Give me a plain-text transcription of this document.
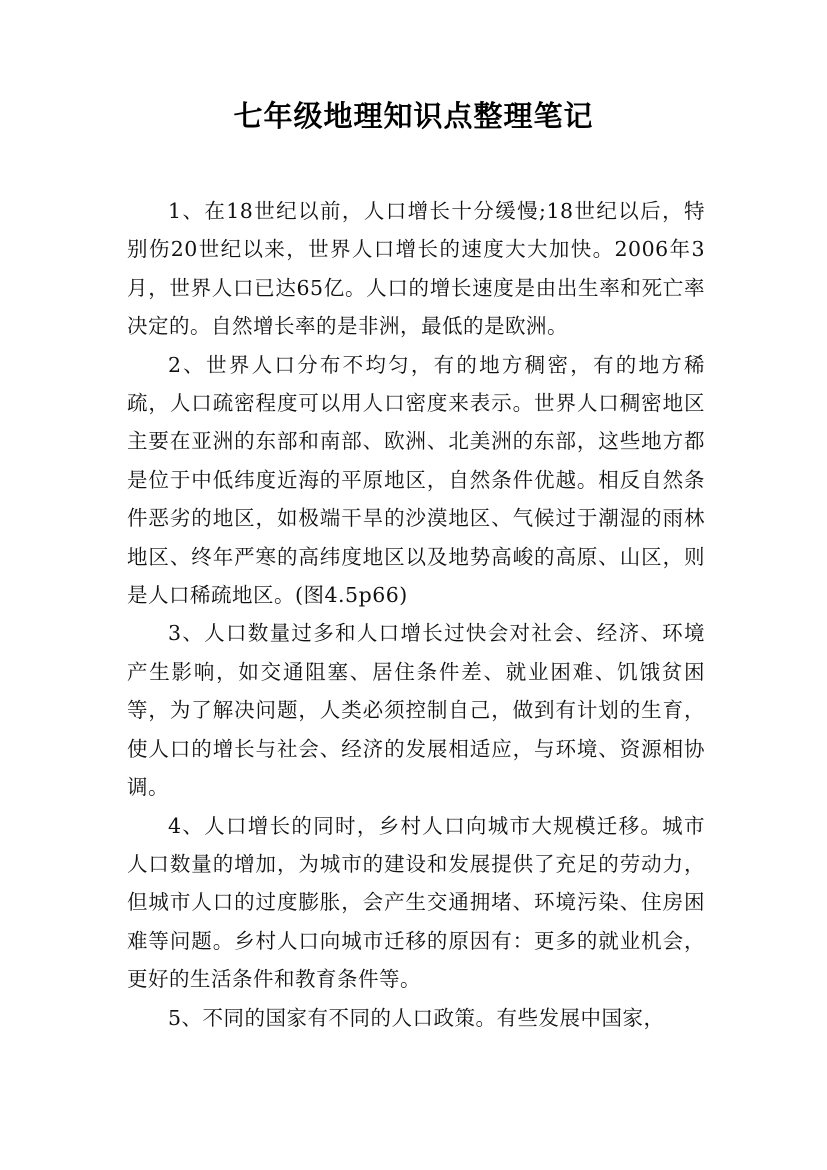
七年级地理知识点整理笔记

1、在18世纪以前，人口增长十分缓慢;18世纪以后，特别伤20世纪以来，世界人口增长的速度大大加快。2006年3月，世界人口已达65亿。人口的增长速度是由出生率和死亡率决定的。自然增长率的是非洲，最低的是欧洲。

2、世界人口分布不均匀，有的地方稠密，有的地方稀疏，人口疏密程度可以用人口密度来表示。世界人口稠密地区主要在亚洲的东部和南部、欧洲、北美洲的东部，这些地方都是位于中低纬度近海的平原地区，自然条件优越。相反自然条件恶劣的地区，如极端干旱的沙漠地区、气候过于潮湿的雨林地区、终年严寒的高纬度地区以及地势高峻的高原、山区，则是人口稀疏地区。(图4.5p66)

3、人口数量过多和人口增长过快会对社会、经济、环境产生影响，如交通阻塞、居住条件差、就业困难、饥饿贫困等，为了解决问题，人类必须控制自己，做到有计划的生育，使人口的增长与社会、经济的发展相适应，与环境、资源相协调。

4、人口增长的同时，乡村人口向城市大规模迁移。城市人口数量的增加，为城市的建设和发展提供了充足的劳动力，但城市人口的过度膨胀，会产生交通拥堵、环境污染、住房困难等问题。乡村人口向城市迁移的原因有：更多的就业机会，更好的生活条件和教育条件等。

5、不同的国家有不同的人口政策。有些发展中国家，
